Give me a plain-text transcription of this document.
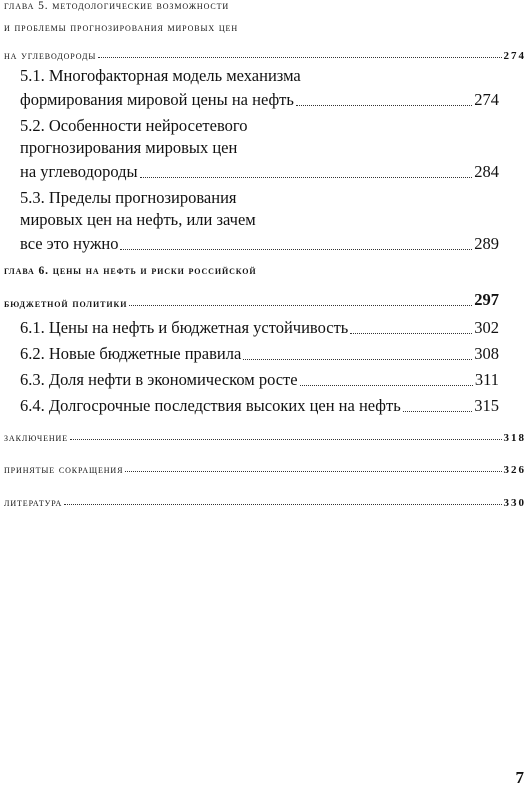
глава 5. методологические возможности
и проблемы прогнозирования мировых цен
на углеводороды	274
5.1. Многофакторная модель механизма
формирования мировой цены на нефть	274
5.2. Особенности нейросетевого
прогнозирования мировых цен
на углеводороды	284
5.3. Пределы прогнозирования
мировых цен на нефть, или зачем
все это нужно	289
глава 6. цены на нефть и риски российской
бюджетной политики	297
6.1. Цены на нефть и бюджетная устойчивость	302
6.2. Новые бюджетные правила	308
6.3. Доля нефти в экономическом росте	311
6.4. Долгосрочные последствия высоких цен на нефть	315
заключение	318
принятые сокращения	326
литература	330
7
